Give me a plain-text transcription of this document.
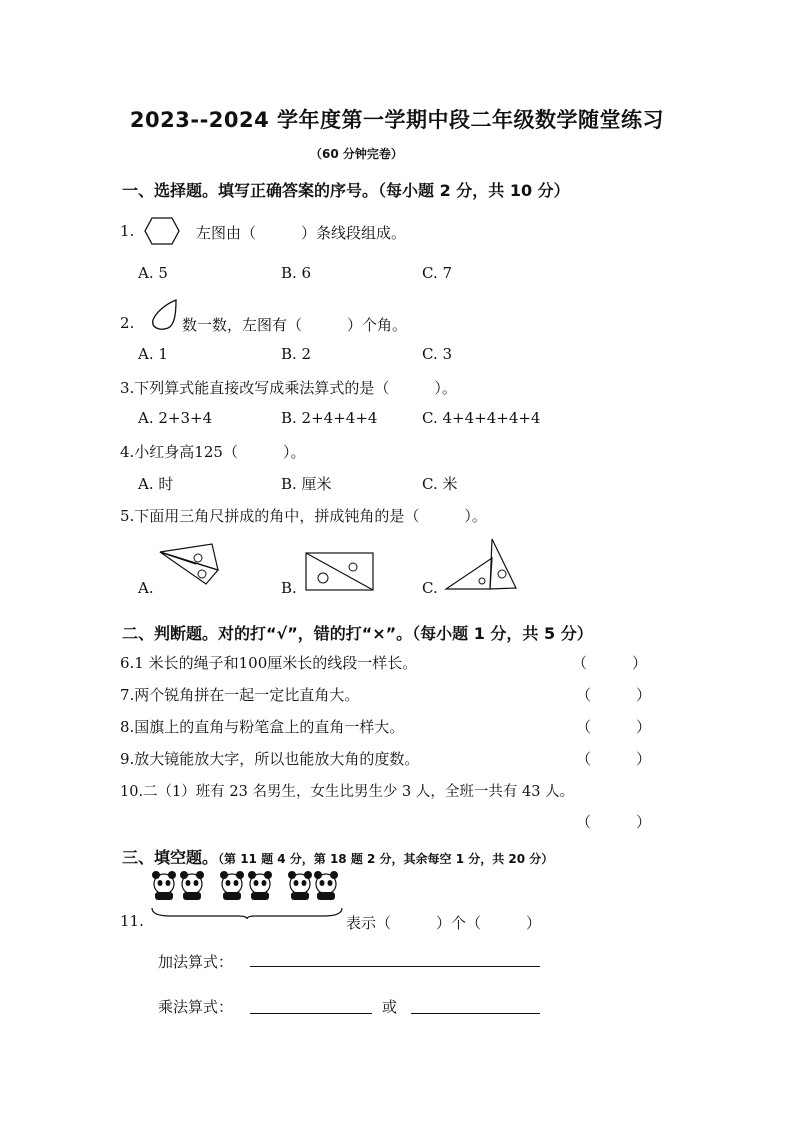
2023--2024 学年度第一学期中段二年级数学随堂练习
（60 分钟完卷）
一、选择题。填写正确答案的序号。（每小题 2 分，共 10 分）
1.	左图由（　　　）条线段组成。
A. 5	B. 6	C. 7
2.	数一数，左图有（　　　）个角。
A. 1	B. 2	C. 3
3.下列算式能直接改写成乘法算式的是（　　　）。
A. 2+3+4	B. 2+4+4+4	C. 4+4+4+4+4
4.小红身高125（　　　）。
A. 时	B. 厘米	C. 米
5.下面用三角尺拼成的角中，拼成钝角的是（　　　）。
A.	B.	C.
二、判断题。对的打“√”，错的打“×”。（每小题 1 分，共 5 分）
6.1 米长的绳子和100厘米长的线段一样长。	（　　　）
7.两个锐角拼在一起一定比直角大。	（　　　）
8.国旗上的直角与粉笔盒上的直角一样大。	（　　　）
9.放大镜能放大字，所以也能放大角的度数。	（　　　）
10.二（1）班有 23 名男生，女生比男生少 3 人，全班一共有 43 人。
（　　　）
三、填空题。（第 11 题 4 分，第 18 题 2 分，其余每空 1 分，共 20 分）
11.	表示（　　　）个（　　　）
加法算式：
乘法算式：	或
